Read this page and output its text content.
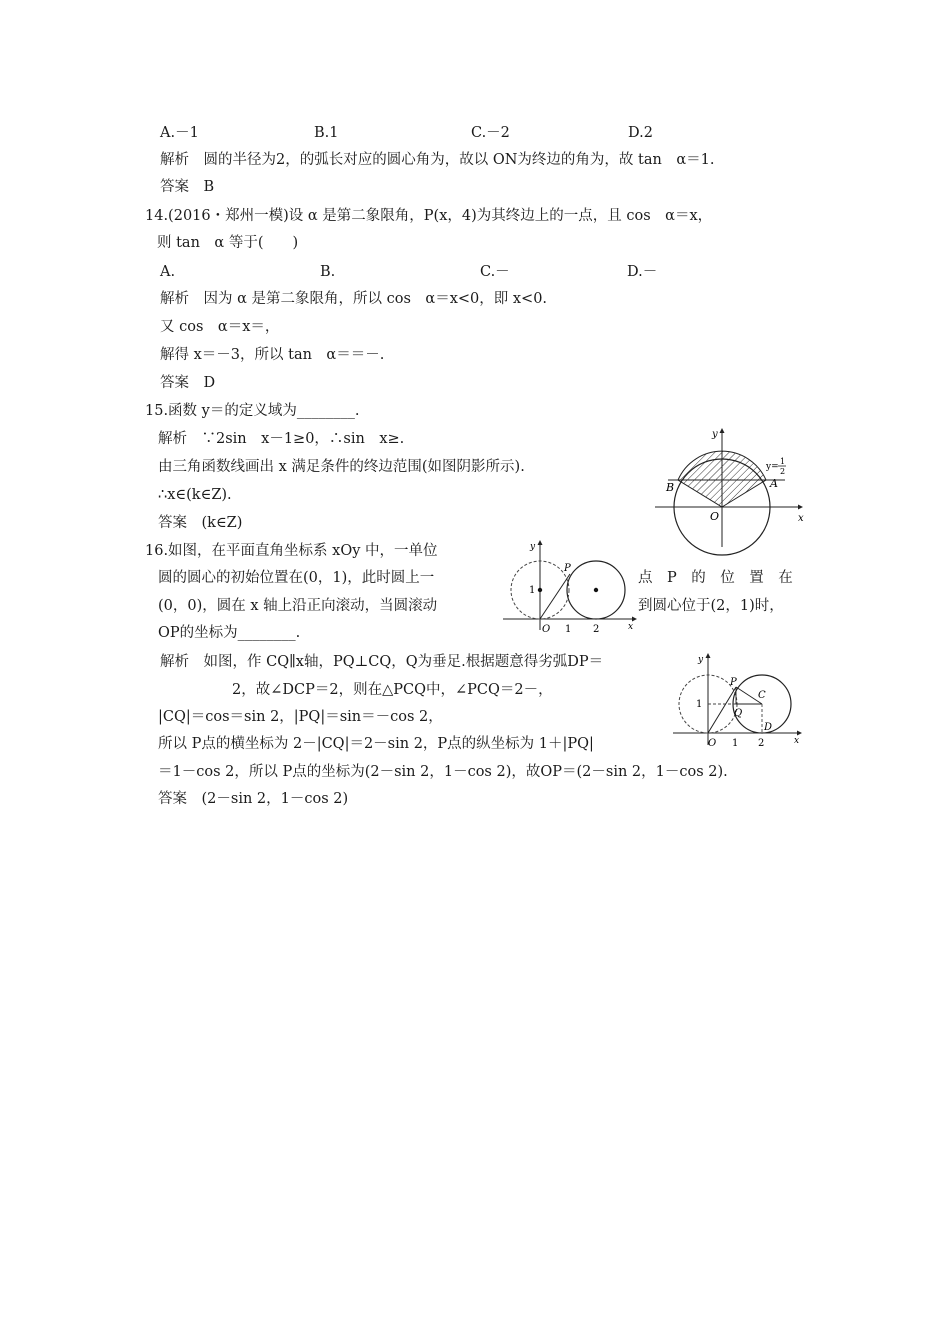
A.－1	B.1	C.－2	D.2
解析　圆的半径为2，的弧长对应的圆心角为，故以 ON为终边的角为，故 tan　α＝1.
答案　B
14.(2016・郑州一模)设 α 是第二象限角，P(x，4)为其终边上的一点，且 cos　α＝x，
则 tan　α 等于(　　)
A.	B.	C.－	D.－
解析　因为 α 是第二象限角，所以 cos　α＝x<0，即 x<0.
又 cos　α＝x＝，
解得 x＝－3，所以 tan　α＝＝－.
答案　D
15.函数 y＝的定义域为________.
解析　∵2sin　x－1≥0，∴sin　x≥.
由三角函数线画出 x 满足条件的终边范围(如图阴影所示).
∴x∈(k∈Z).
答案　(k∈Z)
y
x
y=
1
2
A
B
O
16.如图，在平面直角坐标系 xOy 中，一单位
圆的圆心的初始位置在(0，1)，此时圆上一	点　P　的　位　置　在
(0，0)，圆在 x 轴上沿正向滚动，当圆滚动	到圆心位于(2，1)时，
OP的坐标为________.
P
y
x
O 1 2
1
解析　如图，作 CQ∥x轴，PQ⊥CQ，Q为垂足.根据题意得劣弧DP＝
2，故∠DCP＝2，则在△PCQ中，∠PCQ＝2－，
|CQ|＝cos＝sin 2，|PQ|＝sin＝－cos 2，
所以 P点的横坐标为 2－|CQ|＝2－sin 2，P点的纵坐标为 1＋|PQ|
＝1－cos 2，所以 P点的坐标为(2－sin 2，1－cos 2)，故OP＝(2－sin 2，1－cos 2).
答案　(2－sin 2，1－cos 2)
P
Q
C
D
y
x
O 1 2
1
